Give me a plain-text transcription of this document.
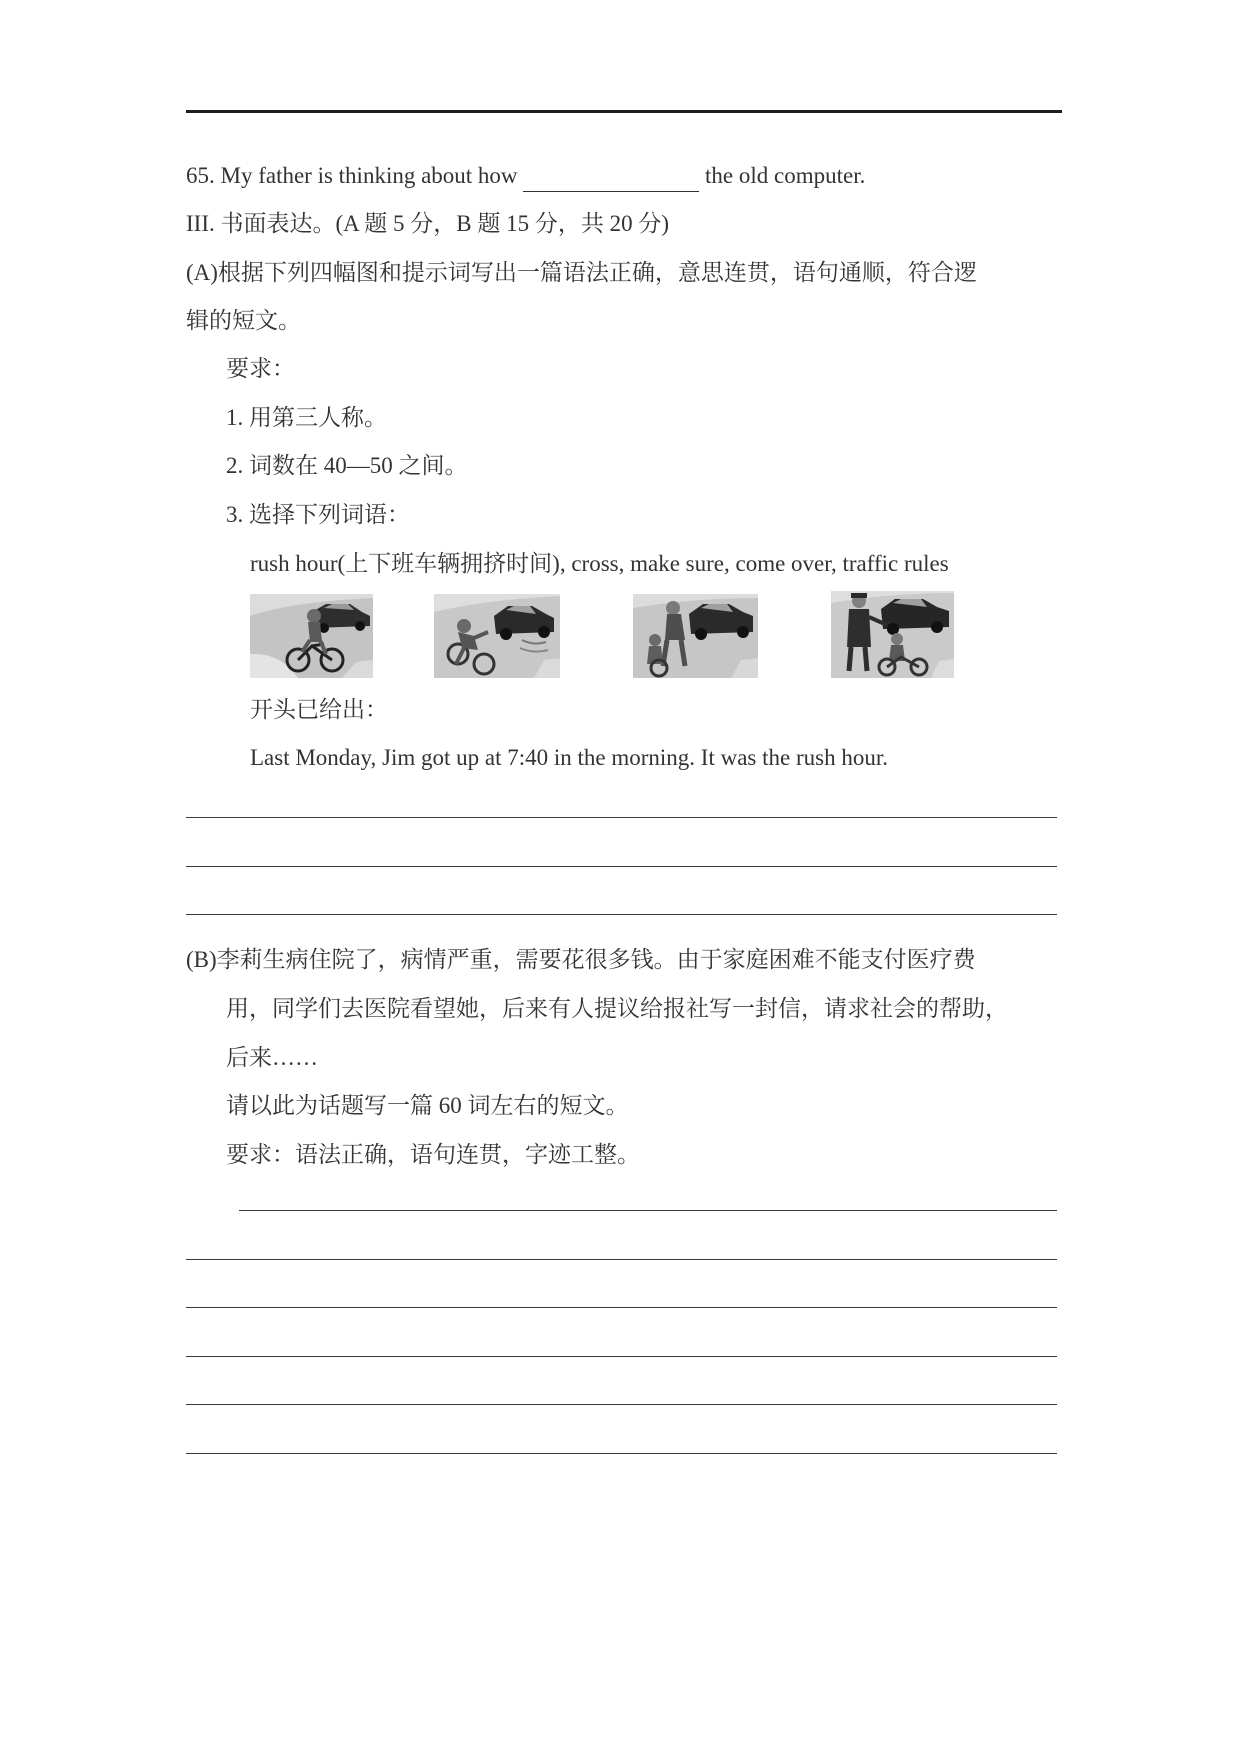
65. My father is thinking about how	the old computer.
III. 书面表达。(A 题 5 分，B 题 15 分，共 20 分)
(A)根据下列四幅图和提示词写出一篇语法正确，意思连贯，语句通顺，符合逻
辑的短文。
要求：
1. 用第三人称。
2. 词数在 40—50 之间。
3. 选择下列词语：
rush hour(上下班车辆拥挤时间), cross, make sure, come over, traffic rules
开头已给出：
Last Monday, Jim got up at 7:40 in the morning. It was the rush hour.
(B)李莉生病住院了，病情严重，需要花很多钱。由于家庭困难不能支付医疗费
用，同学们去医院看望她，后来有人提议给报社写一封信，请求社会的帮助，
后来……
请以此为话题写一篇 60 词左右的短文。
要求：语法正确，语句连贯，字迹工整。
